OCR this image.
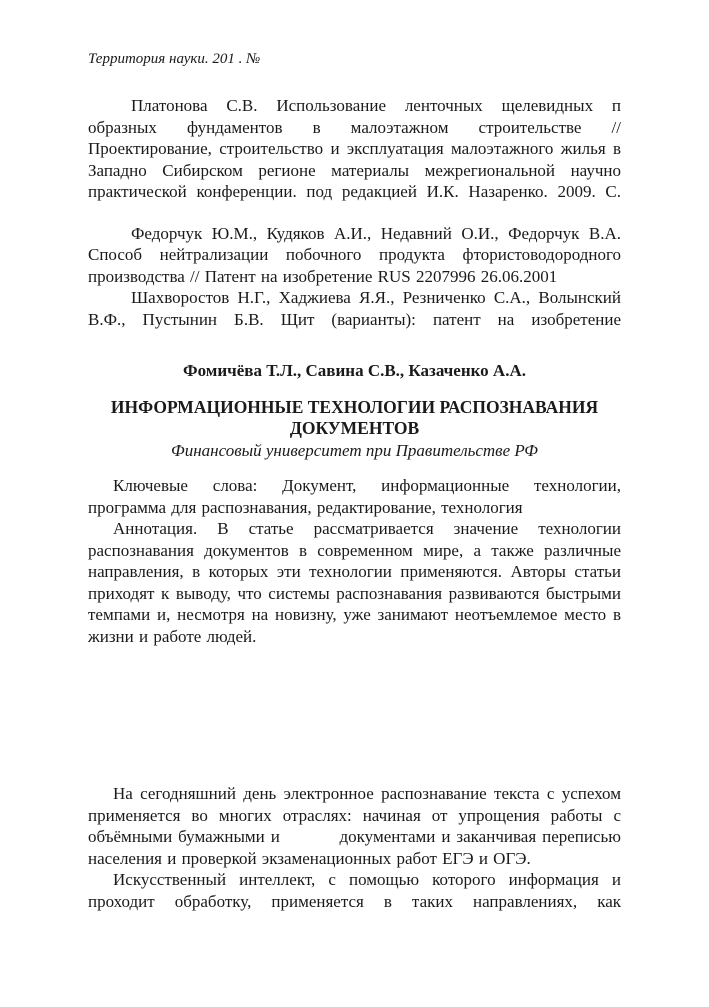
Территория науки. 201 . №

Платонова С.В. Использование ленточных щелевидных п образных фундаментов в малоэтажном строительстве // Проектирование, строительство и эксплуатация малоэтажного жилья в Западно Сибирском регионе материалы межрегиональной научно практической конференции. под редакцией И.К. Назаренко. 2009. С.

Федорчук Ю.М., Кудяков А.И., Недавний О.И., Федорчук В.А. Способ нейтрализации побочного продукта фтористоводородного производства // Патент на изобретение RUS 2207996 26.06.2001

Шахворостов Н.Г., Хаджиева Я.Я., Резниченко С.А., Волынский В.Ф., Пустынин Б.В. Щит (варианты): патент на изобретение

Фомичёва Т.Л., Савина С.В., Казаченко А.А.
ИНФОРМАЦИОННЫЕ ТЕХНОЛОГИИ РАСПОЗНАВАНИЯ ДОКУМЕНТОВ
Финансовый университет при Правительстве РФ

Ключевые слова: Документ, информационные технологии, программа для распознавания, редактирование, технология

Аннотация. В статье рассматривается значение технологии распознавания документов в современном мире, а также различные направления, в которых эти технологии применяются. Авторы статьи приходят к выводу, что системы распознавания развиваются быстрыми темпами и, несмотря на новизну, уже занимают неотъемлемое место в жизни и работе людей.

На сегодняшний день электронное распознавание текста с успехом применяется во многих отраслях: начиная от упрощения работы с объёмными бумажными и          документами и заканчивая переписью населения и проверкой экзаменационных работ ЕГЭ и ОГЭ.

Искусственный интеллект, с помощью которого информация и проходит обработку, применяется в таких направлениях, как
